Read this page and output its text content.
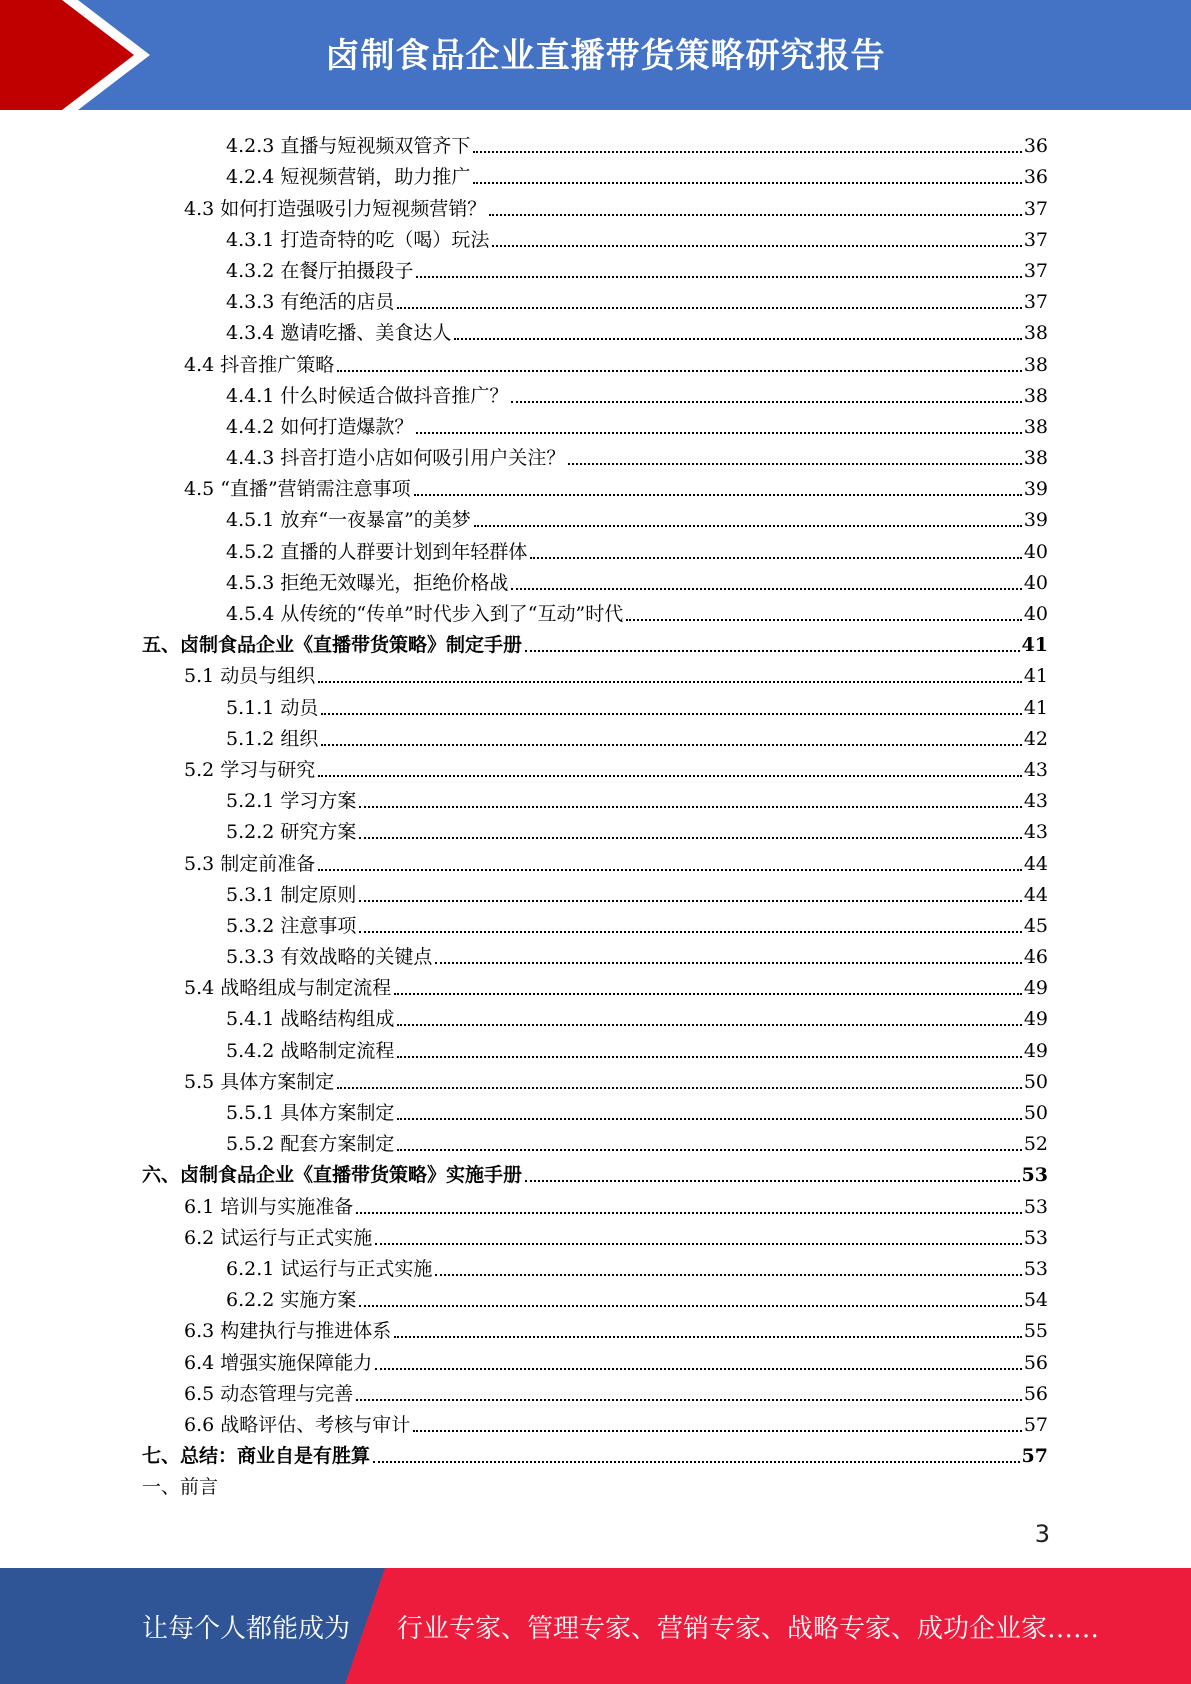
卤制食品企业直播带货策略研究报告
4.2.3 直播与短视频双管齐下	36
4.2.4 短视频营销，助力推广	36
4.3 如何打造强吸引力短视频营销？	37
4.3.1 打造奇特的吃（喝）玩法	37
4.3.2 在餐厅拍摄段子	37
4.3.3 有绝活的店员	37
4.3.4 邀请吃播、美食达人	38
4.4 抖音推广策略	38
4.4.1 什么时候适合做抖音推广？	38
4.4.2 如何打造爆款？	38
4.4.3 抖音打造小店如何吸引用户关注？	38
4.5 “直播”营销需注意事项	39
4.5.1 放弃“一夜暴富”的美梦	39
4.5.2 直播的人群要计划到年轻群体	40
4.5.3 拒绝无效曝光，拒绝价格战	40
4.5.4 从传统的“传单”时代步入到了“互动”时代	40
五、卤制食品企业《直播带货策略》制定手册	41
5.1 动员与组织	41
5.1.1 动员	41
5.1.2 组织	42
5.2 学习与研究	43
5.2.1 学习方案	43
5.2.2 研究方案	43
5.3 制定前准备	44
5.3.1 制定原则	44
5.3.2 注意事项	45
5.3.3 有效战略的关键点	46
5.4 战略组成与制定流程	49
5.4.1 战略结构组成	49
5.4.2 战略制定流程	49
5.5 具体方案制定	50
5.5.1 具体方案制定	50
5.5.2 配套方案制定	52
六、卤制食品企业《直播带货策略》实施手册	53
6.1 培训与实施准备	53
6.2 试运行与正式实施	53
6.2.1 试运行与正式实施	53
6.2.2 实施方案	54
6.3 构建执行与推进体系	55
6.4 增强实施保障能力	56
6.5 动态管理与完善	56
6.6 战略评估、考核与审计	57
七、总结：商业自是有胜算	57
一、前言
3
让每个人都能成为 行业专家、管理专家、营销专家、战略专家、成功企业家……
